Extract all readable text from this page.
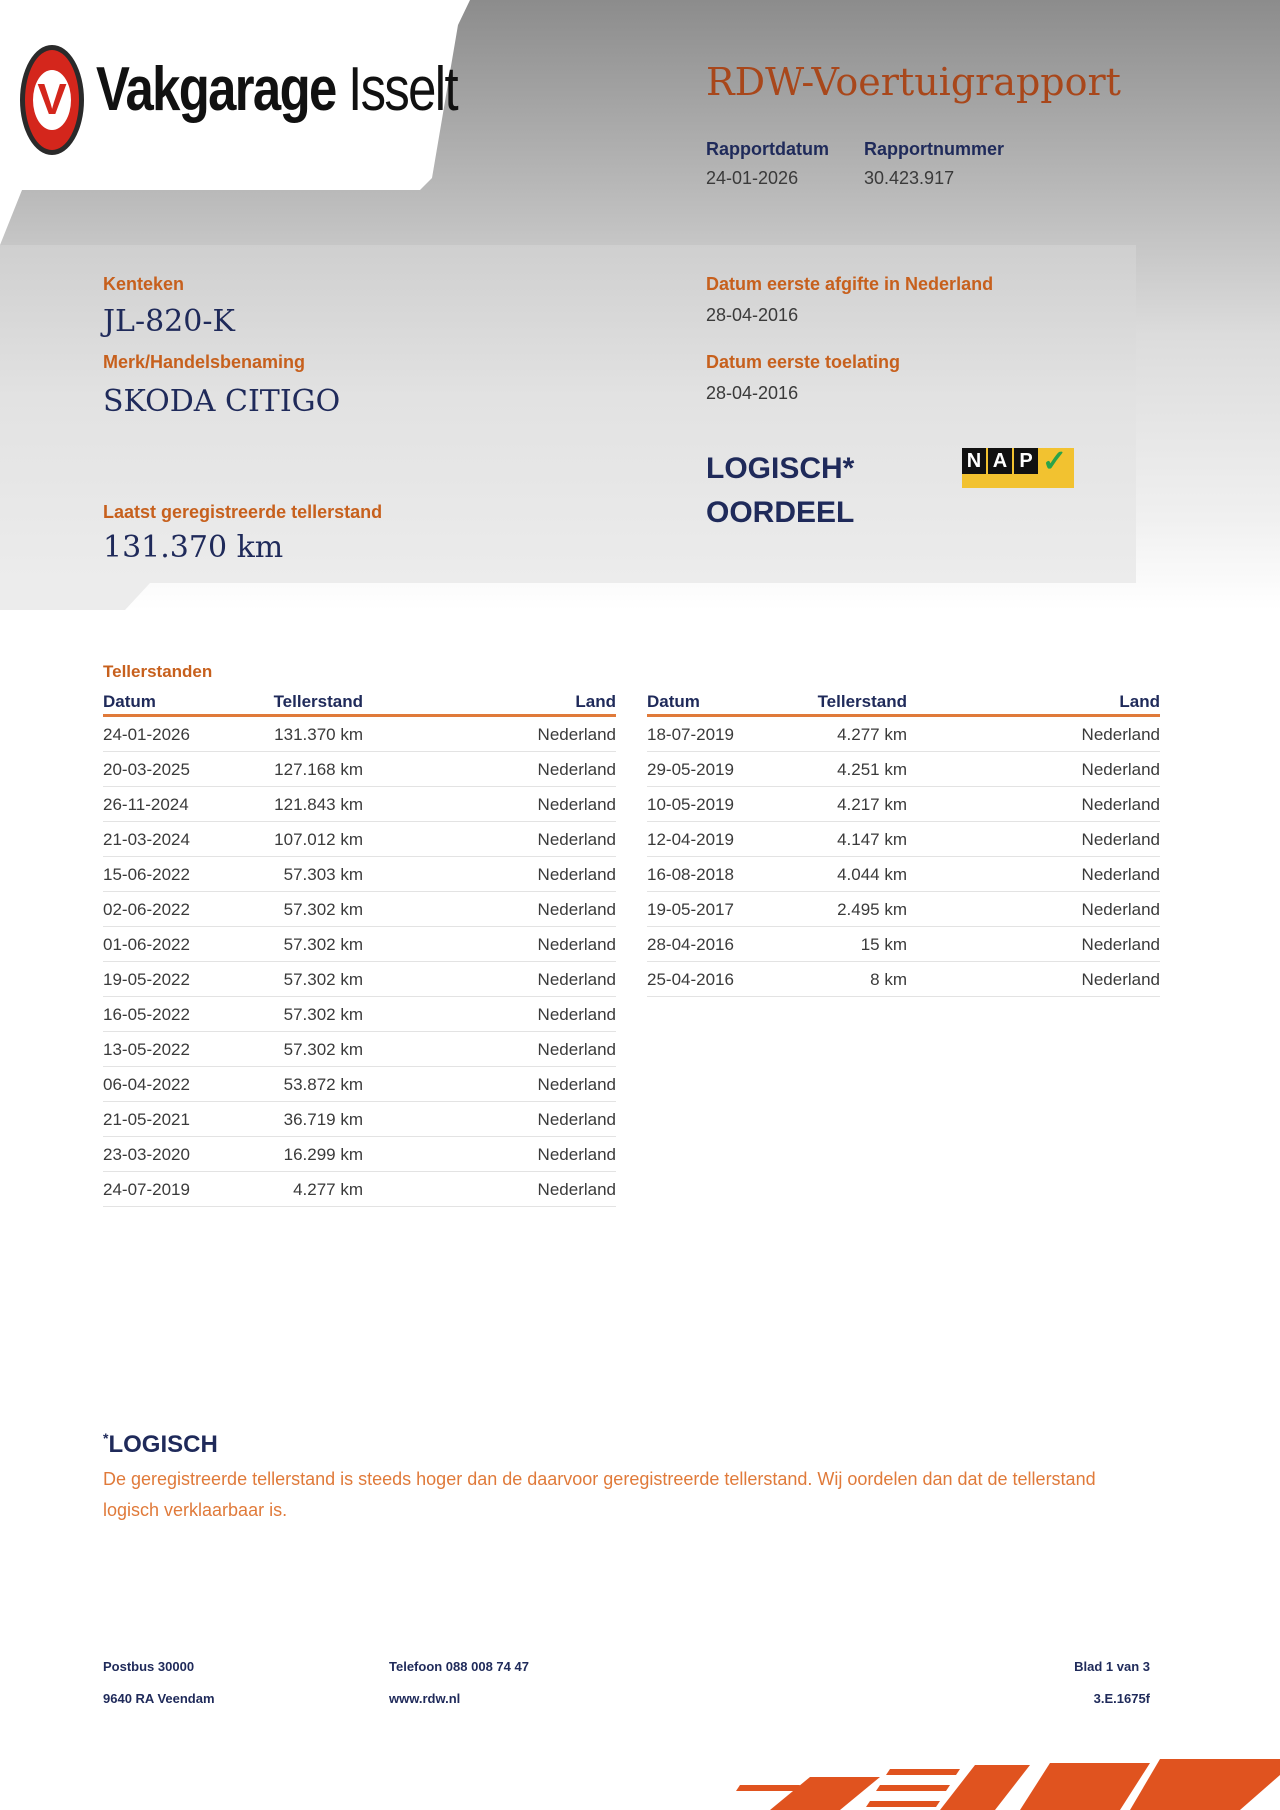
V Vakgarage Isselt	RDW-Voertuigrapport
Rapportdatum
24-01-2026
Rapportnummer
30.423.917
Kenteken
JL-820-K
Merk/Handelsbenaming
SKODA CITIGO
Laatst geregistreerde tellerstand
131.370 km
Datum eerste afgifte in Nederland
28-04-2016
Datum eerste toelating
28-04-2016
LOGISCH*
OORDEEL
N A P ✓
Tellerstanden
Datum	Tellerstand	Land
24-01-2026	131.370 km	Nederland
20-03-2025	127.168 km	Nederland
26-11-2024	121.843 km	Nederland
21-03-2024	107.012 km	Nederland
15-06-2022	57.303 km	Nederland
02-06-2022	57.302 km	Nederland
01-06-2022	57.302 km	Nederland
19-05-2022	57.302 km	Nederland
16-05-2022	57.302 km	Nederland
13-05-2022	57.302 km	Nederland
06-04-2022	53.872 km	Nederland
21-05-2021	36.719 km	Nederland
23-03-2020	16.299 km	Nederland
24-07-2019	4.277 km	Nederland
Datum	Tellerstand	Land
18-07-2019	4.277 km	Nederland
29-05-2019	4.251 km	Nederland
10-05-2019	4.217 km	Nederland
12-04-2019	4.147 km	Nederland
16-08-2018	4.044 km	Nederland
19-05-2017	2.495 km	Nederland
28-04-2016	15 km	Nederland
25-04-2016	8 km	Nederland
*LOGISCH
De geregistreerde tellerstand is steeds hoger dan de daarvoor geregistreerde tellerstand. Wij oordelen dan dat de tellerstand logisch verklaarbaar is.
Postbus 30000
9640 RA Veendam
Telefoon 088 008 74 47
www.rdw.nl
Blad 1 van 3
3.E.1675f
